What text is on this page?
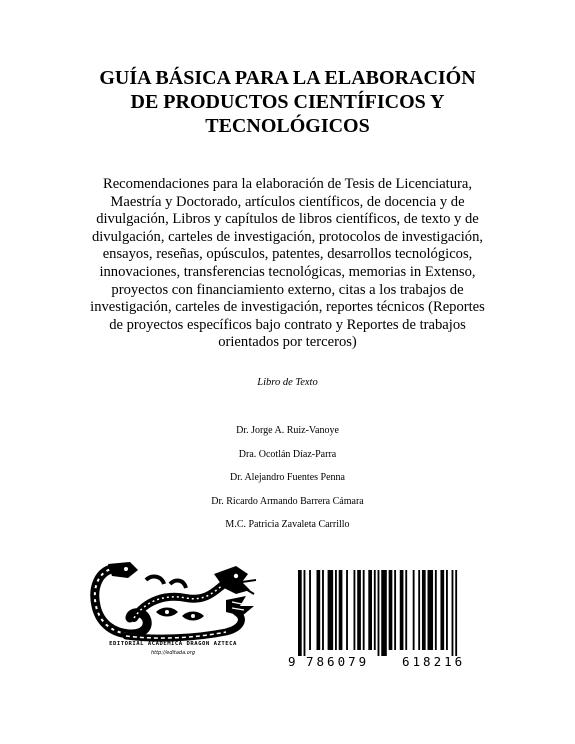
GUÍA BÁSICA PARA LA ELABORACIÓN
DE PRODUCTOS CIENTÍFICOS Y
TECNOLÓGICOS

Recomendaciones para la elaboración de Tesis de Licenciatura,
Maestría y Doctorado, artículos científicos, de docencia y de
divulgación, Libros y capítulos de libros científicos, de texto y de
divulgación, carteles de investigación, protocolos de investigación,
ensayos, reseñas, opúsculos, patentes, desarrollos tecnológicos,
innovaciones, transferencias tecnológicas, memorias in Extenso,
proyectos con financiamiento externo, citas a los trabajos de
investigación, carteles de investigación, reportes técnicos (Reportes
de proyectos específicos bajo contrato y Reportes de trabajos
orientados por terceros)

Libro de Texto

Dr. Jorge A. Ruiz-Vanoye
Dra. Ocotlán Díaz-Parra
Dr. Alejandro Fuentes Penna
Dr. Ricardo Armando Barrera Cámara
M.C. Patricia Zavaleta Carrillo
EDITORIAL ACADEMICA DRAGON AZTECA
http://editada.org
9 786079	618216
